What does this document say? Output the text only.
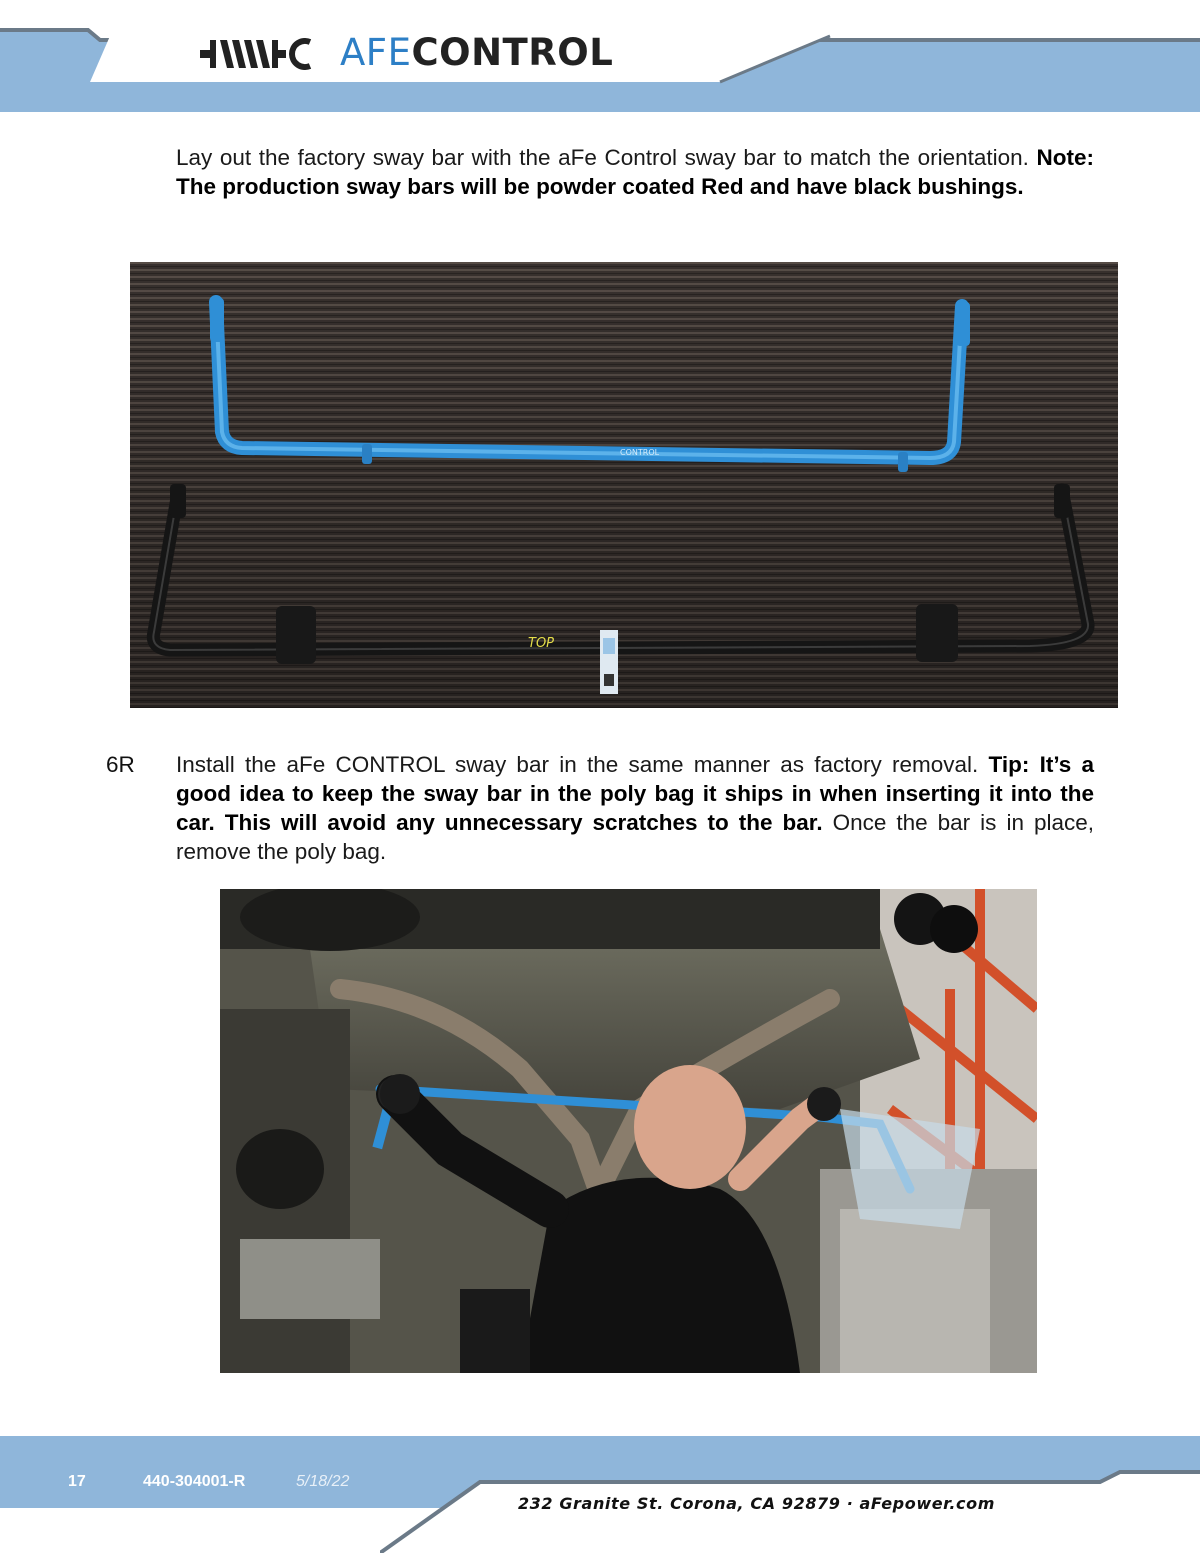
AFECONTROL
Lay out the factory sway bar with the aFe Control sway bar to match the orientation. Note: The production sway bars will be powder coated Red and have black bushings.
CONTROL
TOP
6R Install the aFe CONTROL sway bar in the same manner as factory removal. Tip: It’s a good idea to keep the sway bar in the poly bag it ships in when inserting it into the car. This will avoid any unnecessary scratches to the bar. Once the bar is in place, remove the poly bag.
17	440-304001-R	5/18/22
232 Granite St. Corona, CA 92879 · aFepower.com
